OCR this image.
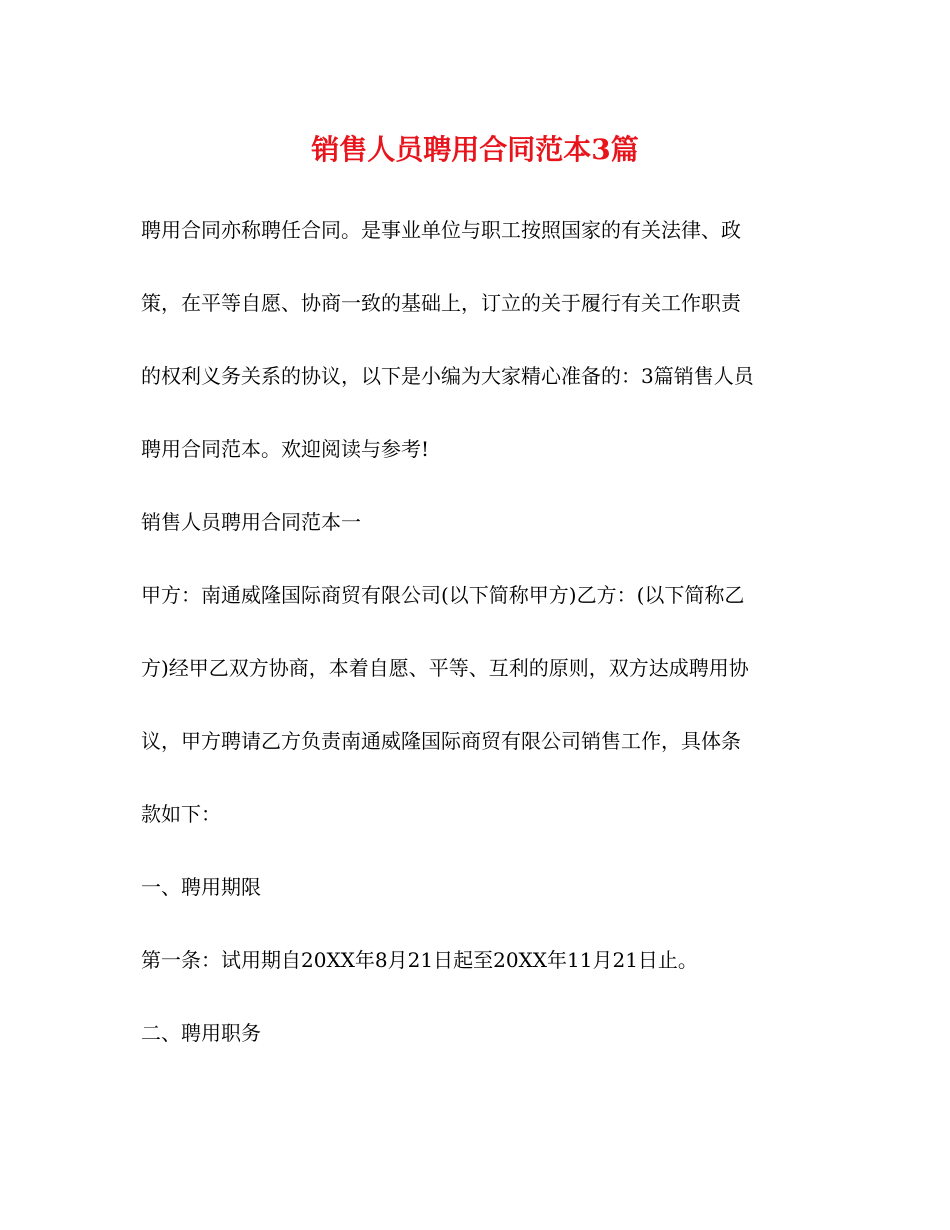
销售人员聘用合同范本3篇
聘用合同亦称聘任合同。是事业单位与职工按照国家的有关法律、政
策，在平等自愿、协商一致的基础上，订立的关于履行有关工作职责
的权利义务关系的协议，以下是小编为大家精心准备的：3篇销售人员
聘用合同范本。欢迎阅读与参考!
销售人员聘用合同范本一
甲方：南通威隆国际商贸有限公司(以下简称甲方)乙方：(以下简称乙
方)经甲乙双方协商，本着自愿、平等、互利的原则，双方达成聘用协
议，甲方聘请乙方负责南通威隆国际商贸有限公司销售工作，具体条
款如下：
一、聘用期限
第一条：试用期自20XX年8月21日起至20XX年11月21日止。
二、聘用职务
